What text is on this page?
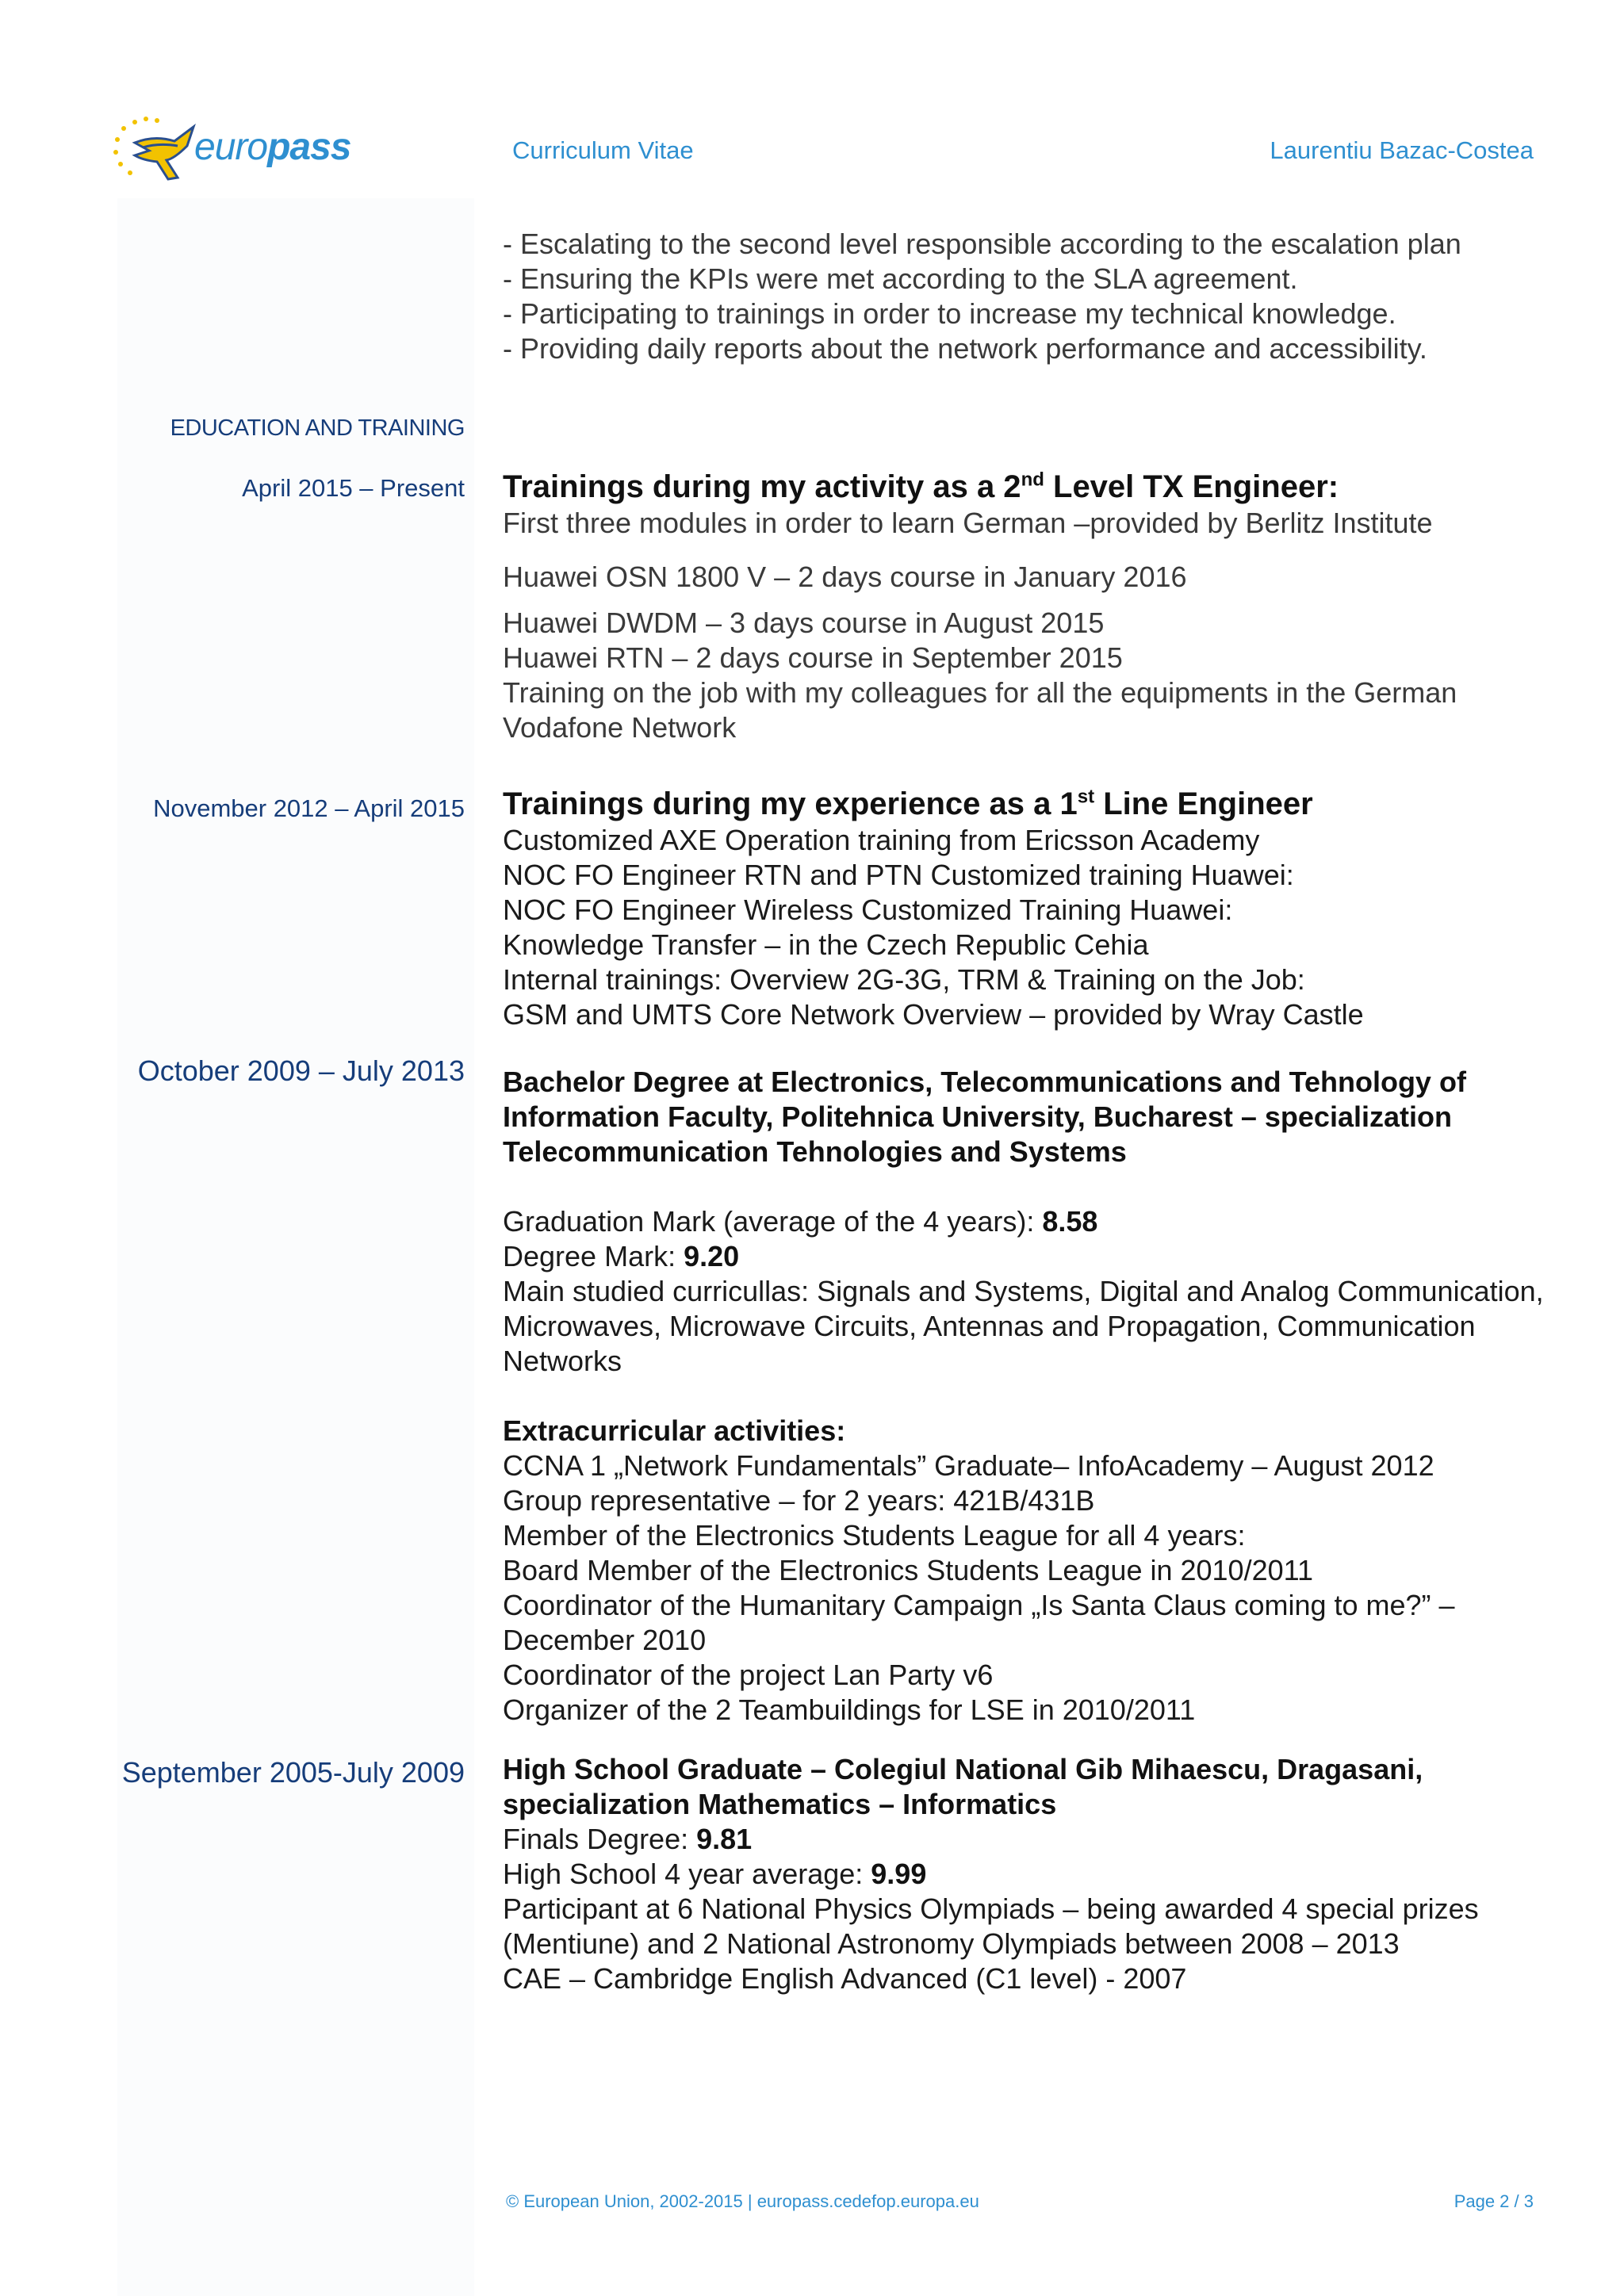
europass	Curriculum Vitae	Laurentiu Bazac-Costea
- Escalating to the second level responsible according to the escalation plan
- Ensuring the KPIs were met according to the SLA agreement.
- Participating to trainings in order to increase my technical knowledge.
- Providing daily reports about the network performance and accessibility.
EDUCATION AND TRAINING
April 2015 – Present Trainings during my activity as a 2nd Level TX Engineer:
First three modules in order to learn German –provided by Berlitz Institute
Huawei OSN 1800 V – 2 days course in January 2016
Huawei DWDM – 3 days course in August 2015
Huawei RTN – 2 days course in September 2015
Training on the job with my colleagues for all the equipments in the German
Vodafone Network
November 2012 – April 2015 Trainings during my experience as a 1st Line Engineer
Customized AXE Operation training from Ericsson Academy
NOC FO Engineer RTN and PTN Customized training Huawei:
NOC FO Engineer Wireless Customized Training Huawei:
Knowledge Transfer – in the Czech Republic Cehia
Internal trainings: Overview 2G-3G, TRM & Training on the Job:
GSM and UMTS Core Network Overview – provided by Wray Castle
October 2009 – July 2013 Bachelor Degree at Electronics, Telecommunications and Tehnology of
Information Faculty, Politehnica University, Bucharest – specialization
Telecommunication Tehnologies and Systems
Graduation Mark (average of the 4 years): 8.58
Degree Mark: 9.20
Main studied curricullas: Signals and Systems, Digital and Analog Communication,
Microwaves, Microwave Circuits, Antennas and Propagation, Communication
Networks
Extracurricular activities:
CCNA 1 „Network Fundamentals” Graduate– InfoAcademy – August 2012
Group representative – for 2 years: 421B/431B
Member of the Electronics Students League for all 4 years:
Board Member of the Electronics Students League in 2010/2011
Coordinator of the Humanitary Campaign „Is Santa Claus coming to me?” –
December 2010
Coordinator of the project Lan Party v6
Organizer of the 2 Teambuildings for LSE in 2010/2011
September 2005-July 2009 High School Graduate – Colegiul National Gib Mihaescu, Dragasani,
specialization Mathematics – Informatics
Finals Degree: 9.81
High School 4 year average: 9.99
Participant at 6 National Physics Olympiads – being awarded 4 special prizes
(Mentiune) and 2 National Astronomy Olympiads between 2008 – 2013
CAE – Cambridge English Advanced (C1 level) - 2007
© European Union, 2002-2015 | europass.cedefop.europa.eu	Page 2 / 3
